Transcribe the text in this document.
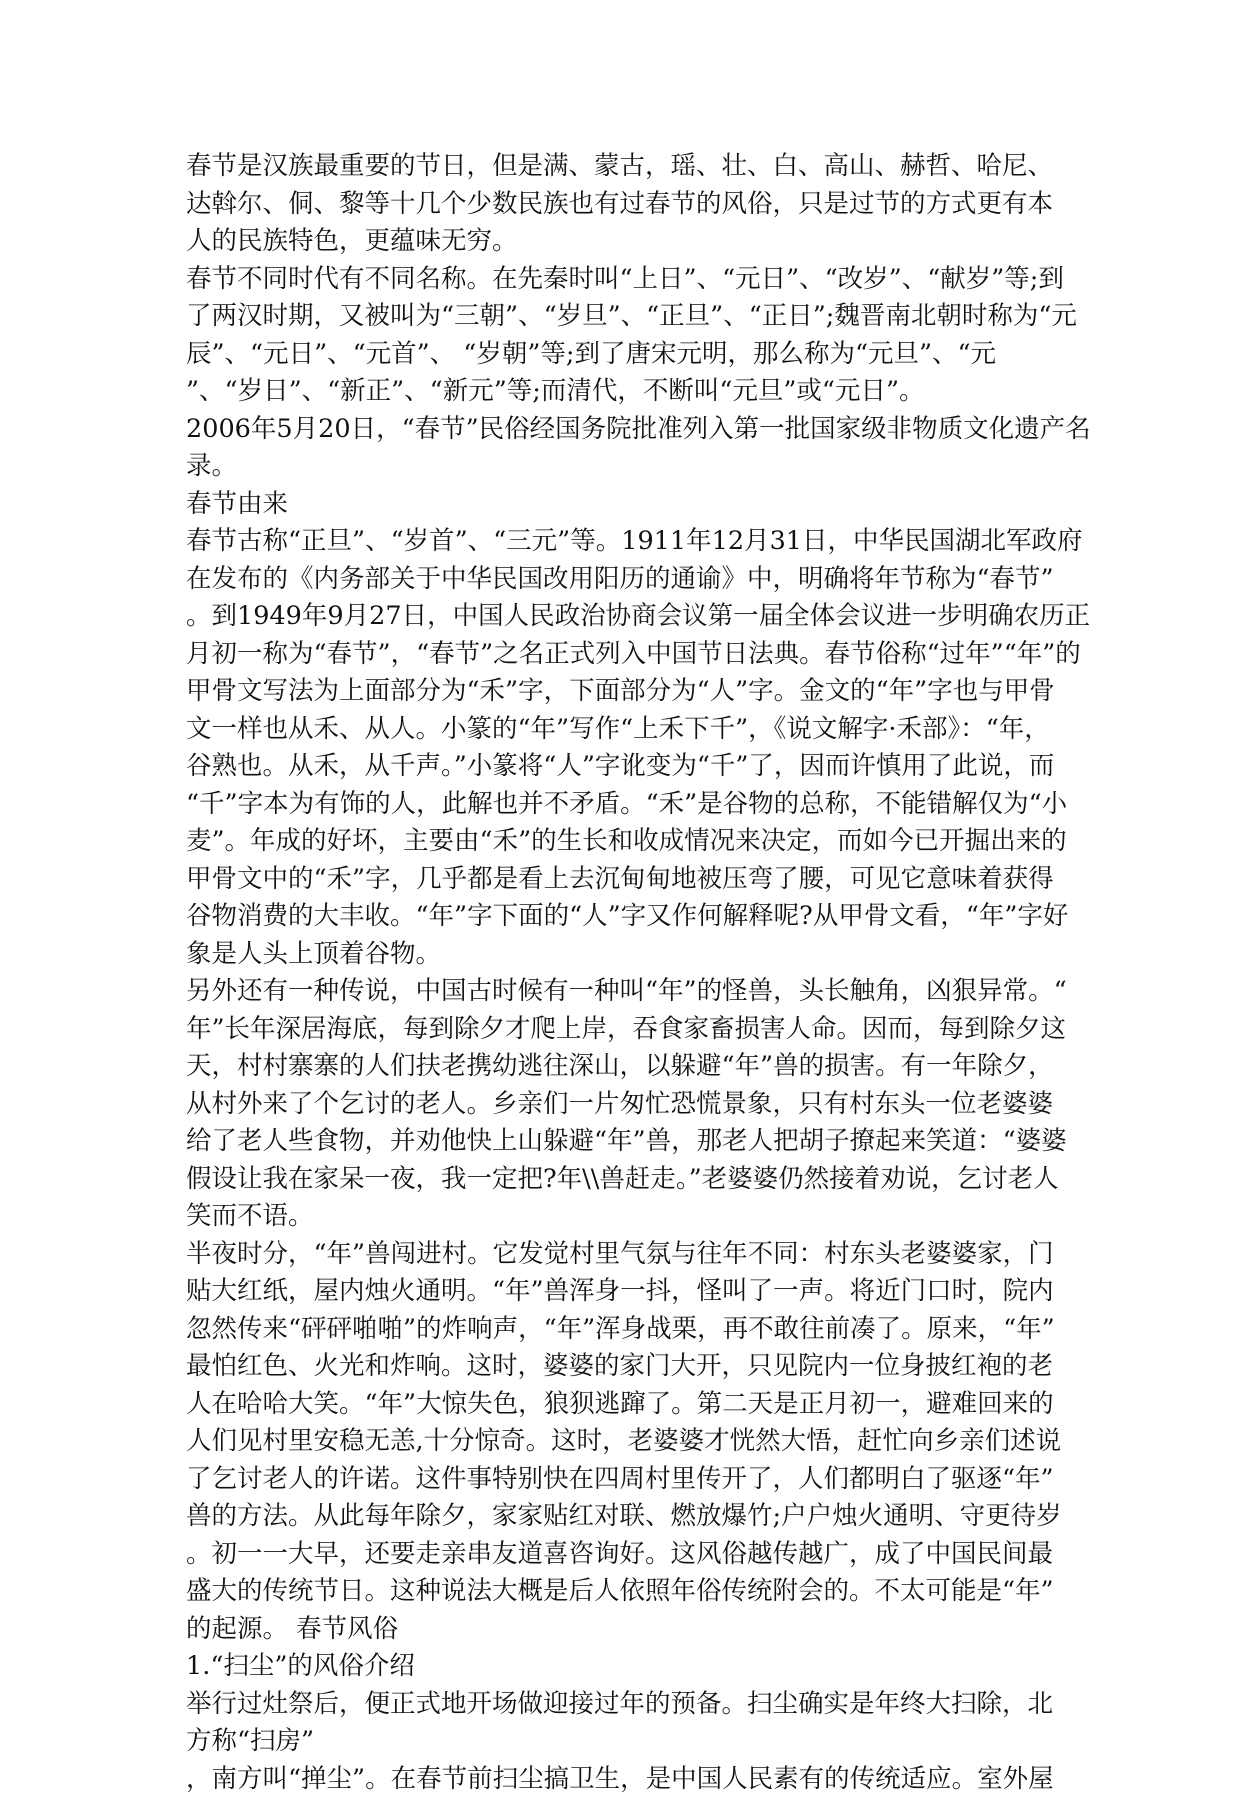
春节是汉族最重要的节日，但是满、蒙古，瑶、壮、白、高山、赫哲、哈尼、
达斡尔、侗、黎等十几个少数民族也有过春节的风俗，只是过节的方式更有本
人的民族特色，更蕴味无穷。
春节不同时代有不同名称。在先秦时叫“上日”、“元日”、“改岁”、“献岁”等;到
了两汉时期，又被叫为“三朝”、“岁旦”、“正旦”、“正日”;魏晋南北朝时称为“元
辰”、“元日”、“元首”、 “岁朝”等;到了唐宋元明，那么称为“元旦”、“元
”、“岁日”、“新正”、“新元”等;而清代，不断叫“元旦”或“元日”。
2006年5月20日，“春节”民俗经国务院批准列入第一批国家级非物质文化遗产名
录。
春节由来
春节古称“正旦”、“岁首”、“三元”等。1911年12月31日，中华民国湖北军政府
在发布的《内务部关于中华民国改用阳历的通谕》中，明确将年节称为“春节”
。到1949年9月27日，中国人民政治协商会议第一届全体会议进一步明确农历正
月初一称为“春节”，“春节”之名正式列入中国节日法典。春节俗称“过年”“年”的
甲骨文写法为上面部分为“禾”字，下面部分为“人”字。金文的“年”字也与甲骨
文一样也从禾、从人。小篆的“年”写作“上禾下千”，《说文解字·禾部》：“年，
谷熟也。从禾，从千声。”小篆将“人”字讹变为“千”了，因而许慎用了此说，而
“千”字本为有饰的人，此解也并不矛盾。“禾”是谷物的总称，不能错解仅为“小
麦”。年成的好坏，主要由“禾”的生长和收成情况来决定，而如今已开掘出来的
甲骨文中的“禾”字，几乎都是看上去沉甸甸地被压弯了腰，可见它意味着获得
谷物消费的大丰收。“年”字下面的“人”字又作何解释呢?从甲骨文看，“年”字好
象是人头上顶着谷物。
另外还有一种传说，中国古时候有一种叫“年”的怪兽，头长触角，凶狠异常。“
年”长年深居海底，每到除夕才爬上岸，吞食家畜损害人命。因而，每到除夕这
天，村村寨寨的人们扶老携幼逃往深山，以躲避“年”兽的损害。有一年除夕，
从村外来了个乞讨的老人。乡亲们一片匆忙恐慌景象，只有村东头一位老婆婆
给了老人些食物，并劝他快上山躲避“年”兽，那老人把胡子撩起来笑道：“婆婆
假设让我在家呆一夜，我一定把?年\\兽赶走。”老婆婆仍然接着劝说，乞讨老人
笑而不语。
半夜时分，“年”兽闯进村。它发觉村里气氛与往年不同：村东头老婆婆家，门
贴大红纸，屋内烛火通明。“年”兽浑身一抖，怪叫了一声。将近门口时，院内
忽然传来“砰砰啪啪”的炸响声，“年”浑身战栗，再不敢往前凑了。原来，“年”
最怕红色、火光和炸响。这时，婆婆的家门大开，只见院内一位身披红袍的老
人在哈哈大笑。“年”大惊失色，狼狈逃蹿了。第二天是正月初一，避难回来的
人们见村里安稳无恙,十分惊奇。这时，老婆婆才恍然大悟，赶忙向乡亲们述说
了乞讨老人的许诺。这件事特别快在四周村里传开了，人们都明白了驱逐“年”
兽的方法。从此每年除夕，家家贴红对联、燃放爆竹;户户烛火通明、守更待岁
。初一一大早，还要走亲串友道喜咨询好。这风俗越传越广，成了中国民间最
盛大的传统节日。这种说法大概是后人依照年俗传统附会的。不太可能是“年”
的起源。 春节风俗
1.“扫尘”的风俗介绍
举行过灶祭后，便正式地开场做迎接过年的预备。扫尘确实是年终大扫除，北
方称“扫房”
，南方叫“掸尘”。在春节前扫尘搞卫生，是中国人民素有的传统适应。室外屋
